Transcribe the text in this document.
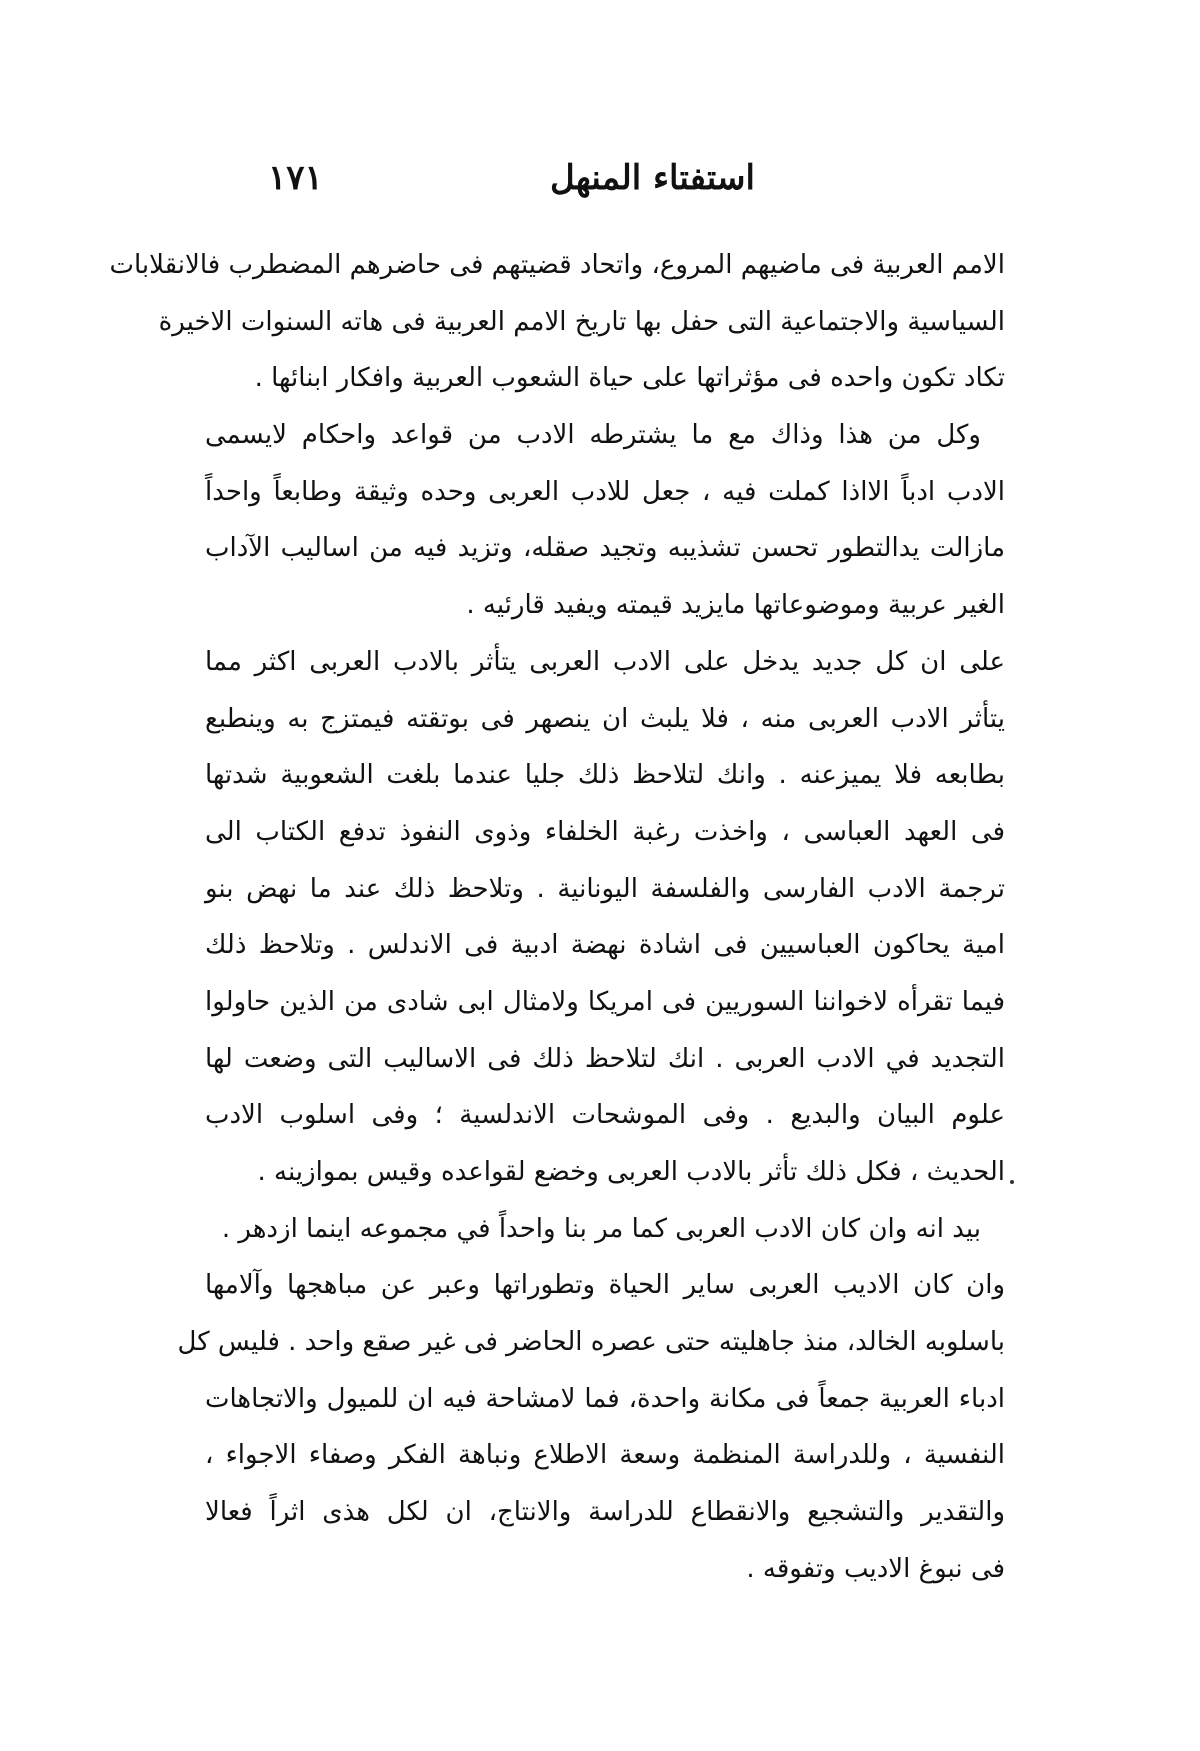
استفتاء المنهل
١٧١
الامم العربية فى ماضيهم المروع، واتحاد قضيتهم فى حاضرهم المضطرب فالانقلابات
السياسية والاجتماعية التى حفل بها تاريخ الامم العربية فى هاته السنوات الاخيرة
تكاد تكون واحده فى مؤثراتها على حياة الشعوب العربية وافكار ابنائها .
وكل من هذا وذاك مع ما يشترطه الادب من قواعد واحكام لايسمى
الادب ادباً الااذا كملت فيه ، جعل للادب العربى وحده وثيقة وطابعاً واحداً
مازالت يدالتطور تحسن تشذيبه وتجيد صقله، وتزيد فيه من اساليب الآداب
الغير عربية وموضوعاتها مايزيد قيمته ويفيد قارئيه .
على ان كل جديد يدخل على الادب العربى يتأثر بالادب العربى اكثر مما
يتأثر الادب العربى منه ، فلا يلبث ان ينصهر فى بوتقته فيمتزج به وينطبع
بطابعه فلا يميزعنه . وانك لتلاحظ ذلك جليا عندما بلغت الشعوبية شدتها
فى العهد العباسى ، واخذت رغبة الخلفاء وذوى النفوذ تدفع الكتاب الى
ترجمة الادب الفارسى والفلسفة اليونانية . وتلاحظ ذلك عند ما نهض بنو
امية يحاكون العباسيين فى اشادة نهضة ادبية فى الاندلس . وتلاحظ ذلك
فيما تقرأه لاخواننا السوريين فى امريكا ولامثال ابى شادى من الذين حاولوا
التجديد في الادب العربى . انك لتلاحظ ذلك فى الاساليب التى وضعت لها
علوم البيان والبديع . وفى الموشحات الاندلسية ؛ وفى اسلوب الادب
الحديث ، فكل ذلك تأثر بالادب العربى وخضع لقواعده وقيس بموازينه .
بيد انه وان كان الادب العربى كما مر بنا واحداً في مجموعه اينما ازدهر .
وان كان الاديب العربى ساير الحياة وتطوراتها وعبر عن مباهجها وآلامها
باسلوبه الخالد، منذ جاهليته حتى عصره الحاضر فى غير صقع واحد . فليس كل
ادباء العربية جمعاً فى مكانة واحدة، فما لامشاحة فيه ان للميول والاتجاهات
النفسية ، وللدراسة المنظمة وسعة الاطلاع ونباهة الفكر وصفاء الاجواء ،
والتقدير والتشجيع والانقطاع للدراسة والانتاج، ان لكل هذى اثراً فعالا
فى نبوغ الاديب وتفوقه .
